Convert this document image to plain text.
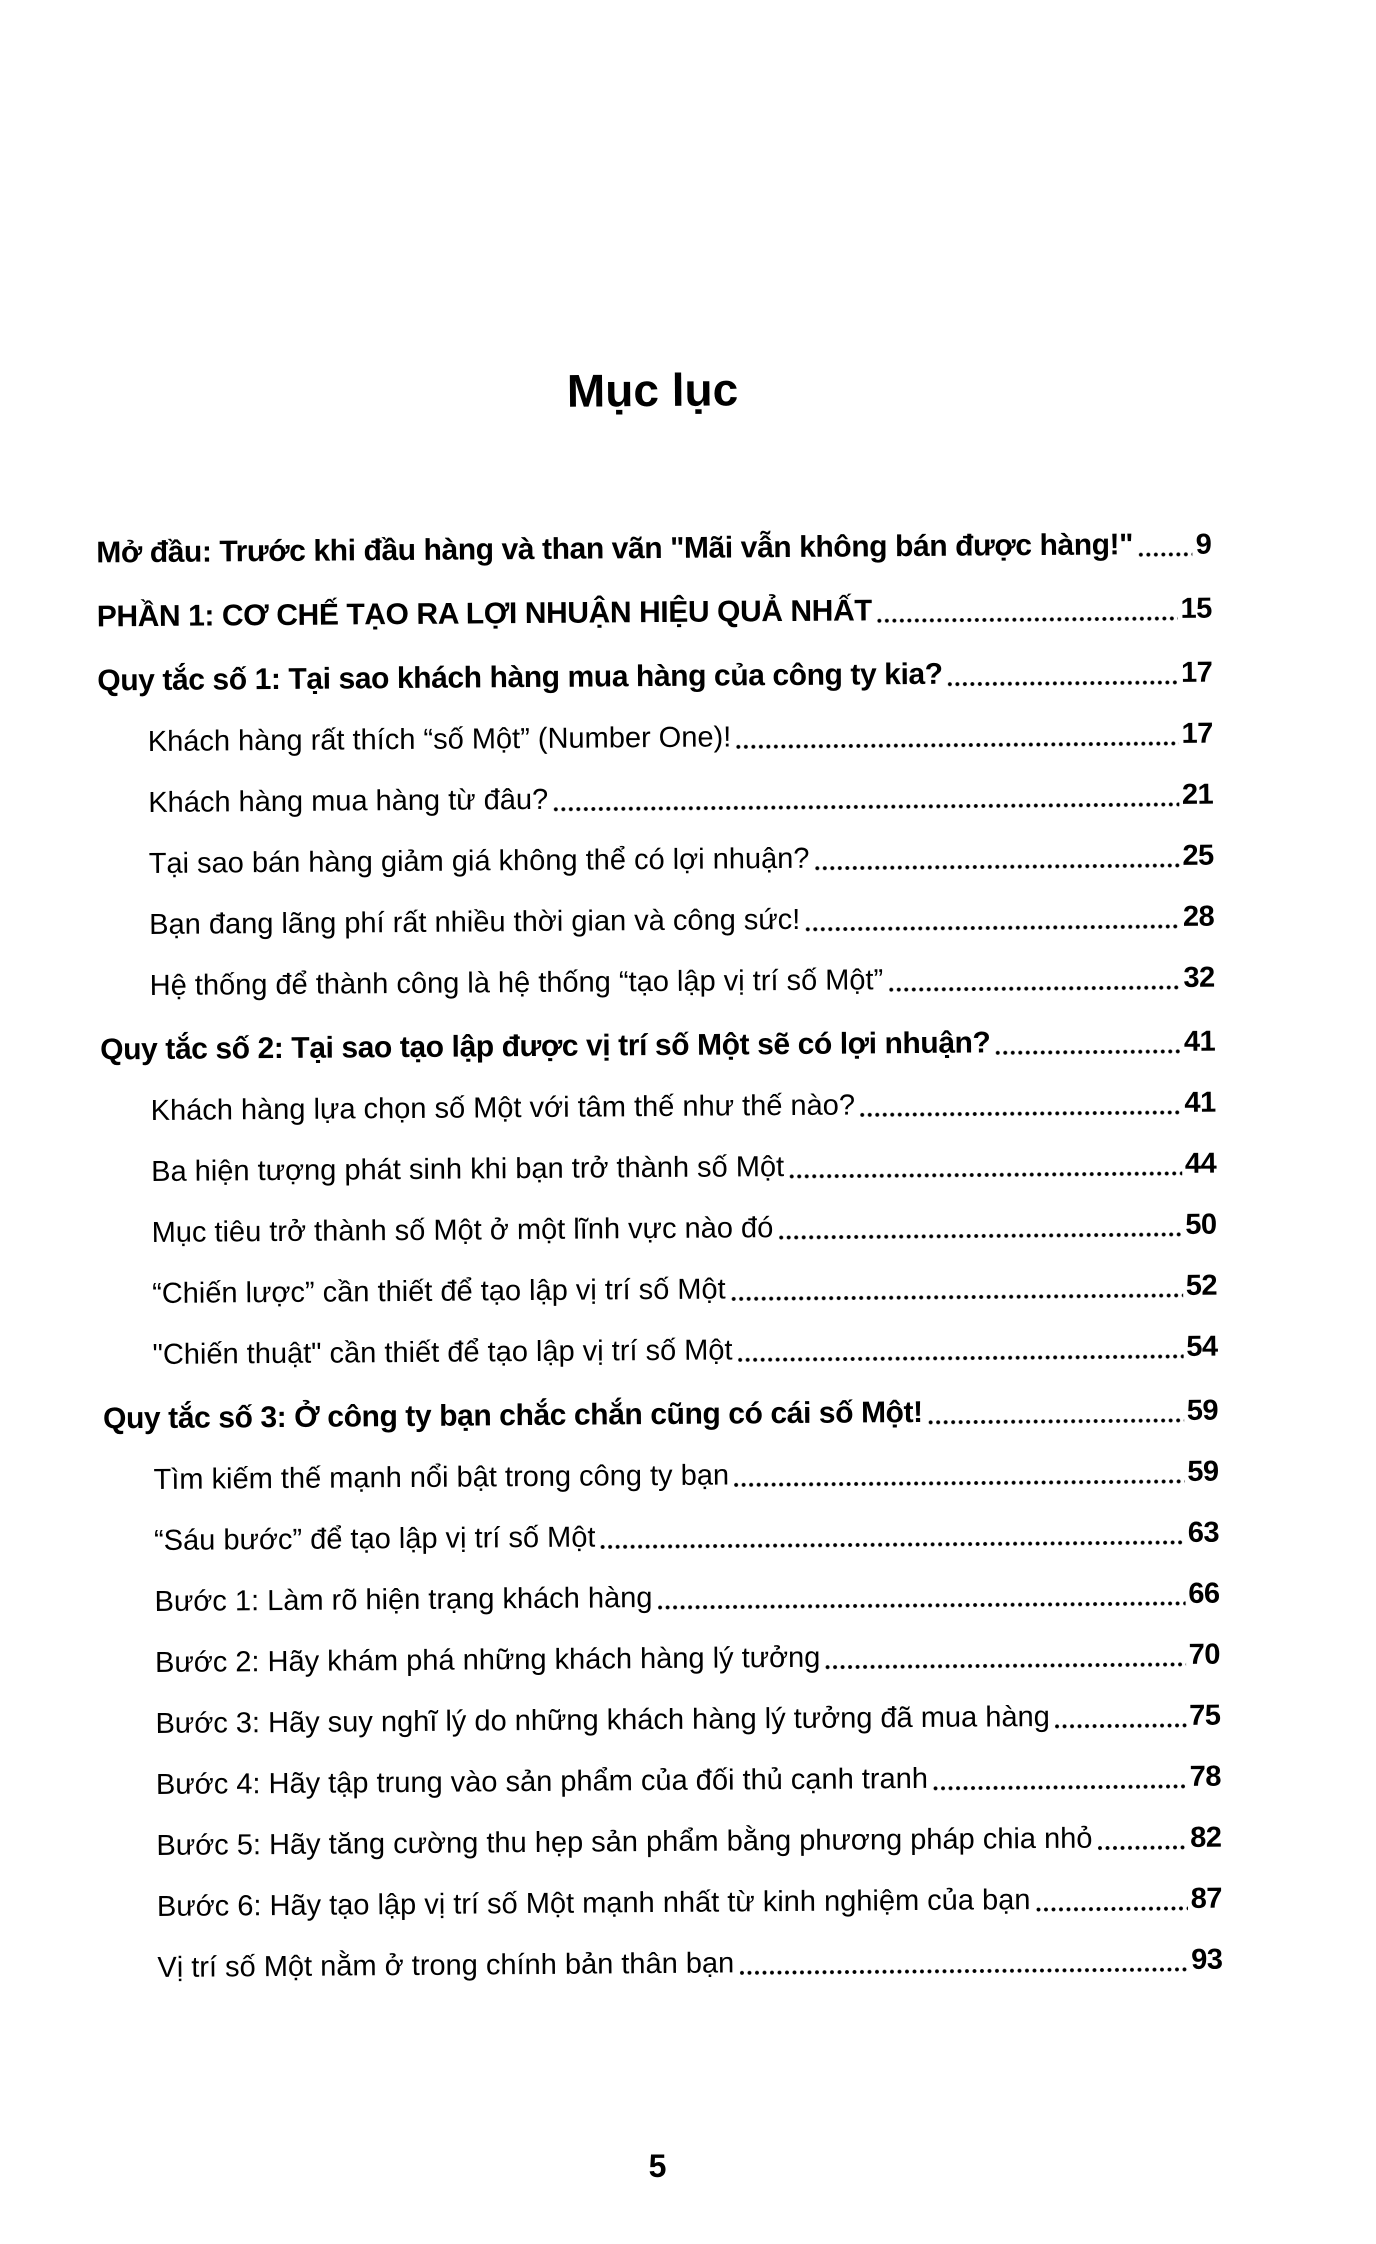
Mục lục
Mở đầu: Trước khi đầu hàng và than vãn "Mãi vẫn không bán được hàng!" 9
PHẦN 1: CƠ CHẾ TẠO RA LỢI NHUẬN HIỆU QUẢ NHẤT	15
Quy tắc số 1: Tại sao khách hàng mua hàng của công ty kia?	17
Khách hàng rất thích “số Một” (Number One)!	17
Khách hàng mua hàng từ đâu?	21
Tại sao bán hàng giảm giá không thể có lợi nhuận?	25
Bạn đang lãng phí rất nhiều thời gian và công sức!	28
Hệ thống để thành công là hệ thống “tạo lập vị trí số Một”	32
Quy tắc số 2: Tại sao tạo lập được vị trí số Một sẽ có lợi nhuận?	41
Khách hàng lựa chọn số Một với tâm thế như thế nào?	41
Ba hiện tượng phát sinh khi bạn trở thành số Một	44
Mục tiêu trở thành số Một ở một lĩnh vực nào đó	50
“Chiến lược” cần thiết để tạo lập vị trí số Một	52
"Chiến thuật" cần thiết để tạo lập vị trí số Một	54
Quy tắc số 3: Ở công ty bạn chắc chắn cũng có cái số Một!	59
Tìm kiếm thế mạnh nổi bật trong công ty bạn	59
“Sáu bước” để tạo lập vị trí số Một	63
Bước 1: Làm rõ hiện trạng khách hàng	66
Bước 2: Hãy khám phá những khách hàng lý tưởng	70
Bước 3: Hãy suy nghĩ lý do những khách hàng lý tưởng đã mua hàng	75
Bước 4: Hãy tập trung vào sản phẩm của đối thủ cạnh tranh	78
Bước 5: Hãy tăng cường thu hẹp sản phẩm bằng phương pháp chia nhỏ	82
Bước 6: Hãy tạo lập vị trí số Một mạnh nhất từ kinh nghiệm của bạn	87
Vị trí số Một nằm ở trong chính bản thân bạn	93
5
